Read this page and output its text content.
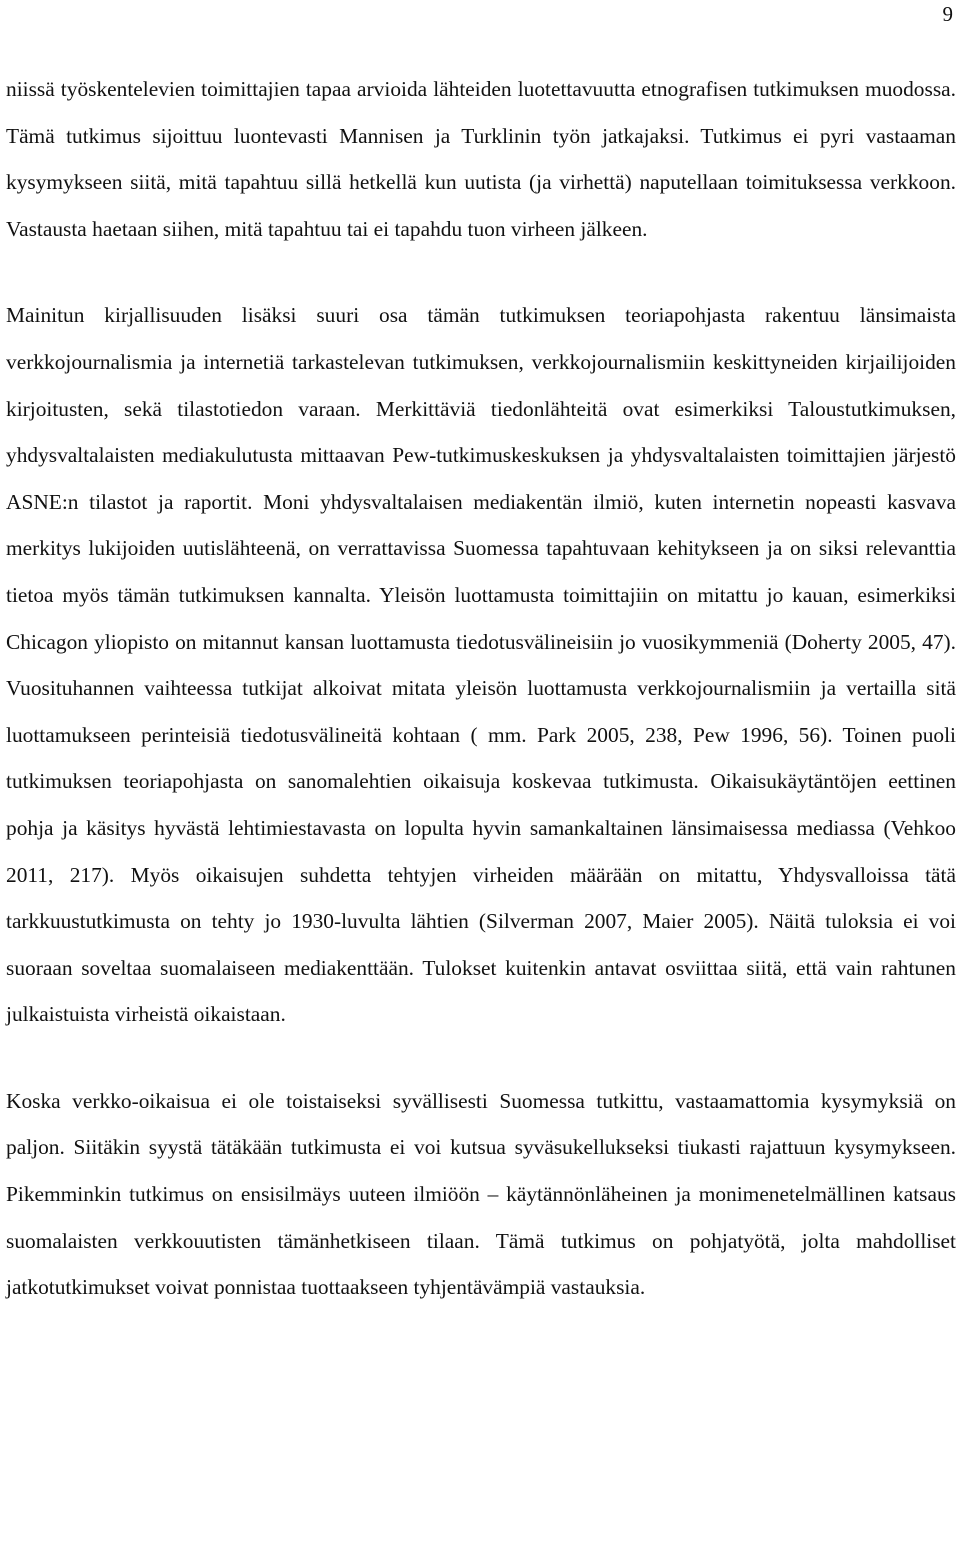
9

niissä työskentelevien toimittajien tapaa arvioida lähteiden luotettavuutta etnografisen tutkimuksen muodossa. Tämä tutkimus sijoittuu luontevasti Mannisen ja Turklinin työn jatkajaksi. Tutkimus ei pyri vastaaman kysymykseen siitä, mitä tapahtuu sillä hetkellä kun uutista (ja virhettä) naputellaan toimituksessa verkkoon. Vastausta haetaan siihen, mitä tapahtuu tai ei tapahdu tuon virheen jälkeen.

Mainitun kirjallisuuden lisäksi suuri osa tämän tutkimuksen teoriapohjasta rakentuu länsimaista verkkojournalismia ja internetiä tarkastelevan tutkimuksen, verkkojournalismiin keskittyneiden kirjailijoiden kirjoitusten, sekä tilastotiedon varaan. Merkittäviä tiedonlähteitä ovat esimerkiksi Taloustutkimuksen, yhdysvaltalaisten mediakulutusta mittaavan Pew-tutkimuskeskuksen ja yhdysvaltalaisten toimittajien järjestö ASNE:n tilastot ja raportit. Moni yhdysvaltalaisen mediakentän ilmiö, kuten internetin nopeasti kasvava merkitys lukijoiden uutislähteenä, on verrattavissa Suomessa tapahtuvaan kehitykseen ja on siksi relevanttia tietoa myös tämän tutkimuksen kannalta. Yleisön luottamusta toimittajiin on mitattu jo kauan, esimerkiksi Chicagon yliopisto on mitannut kansan luottamusta tiedotusvälineisiin jo vuosikymmeniä (Doherty 2005, 47). Vuosituhannen vaihteessa tutkijat alkoivat mitata yleisön luottamusta verkkojournalismiin ja vertailla sitä luottamukseen perinteisiä tiedotusvälineitä kohtaan ( mm. Park 2005, 238, Pew 1996, 56). Toinen puoli tutkimuksen teoriapohjasta on sanomalehtien oikaisuja koskevaa tutkimusta. Oikaisukäytäntöjen eettinen pohja ja käsitys hyvästä lehtimiestavasta on lopulta hyvin samankaltainen länsimaisessa mediassa (Vehkoo 2011, 217). Myös oikaisujen suhdetta tehtyjen virheiden määrään on mitattu, Yhdysvalloissa tätä tarkkuustutkimusta on tehty jo 1930-luvulta lähtien (Silverman 2007, Maier 2005). Näitä tuloksia ei voi suoraan soveltaa suomalaiseen mediakenttään. Tulokset kuitenkin antavat osviittaa siitä, että vain rahtunen julkaistuista virheistä oikaistaan.

Koska verkko-oikaisua ei ole toistaiseksi syvällisesti Suomessa tutkittu, vastaamattomia kysymyksiä on paljon. Siitäkin syystä tätäkään tutkimusta ei voi kutsua syväsukellukseksi tiukasti rajattuun kysymykseen. Pikemminkin tutkimus on ensisilmäys uuteen ilmiöön – käytännönläheinen ja monimenetelmällinen katsaus suomalaisten verkkouutisten tämänhetkiseen tilaan. Tämä tutkimus on pohjatyötä, jolta mahdolliset jatkotutkimukset voivat ponnistaa tuottaakseen tyhjentävämpiä vastauksia.
